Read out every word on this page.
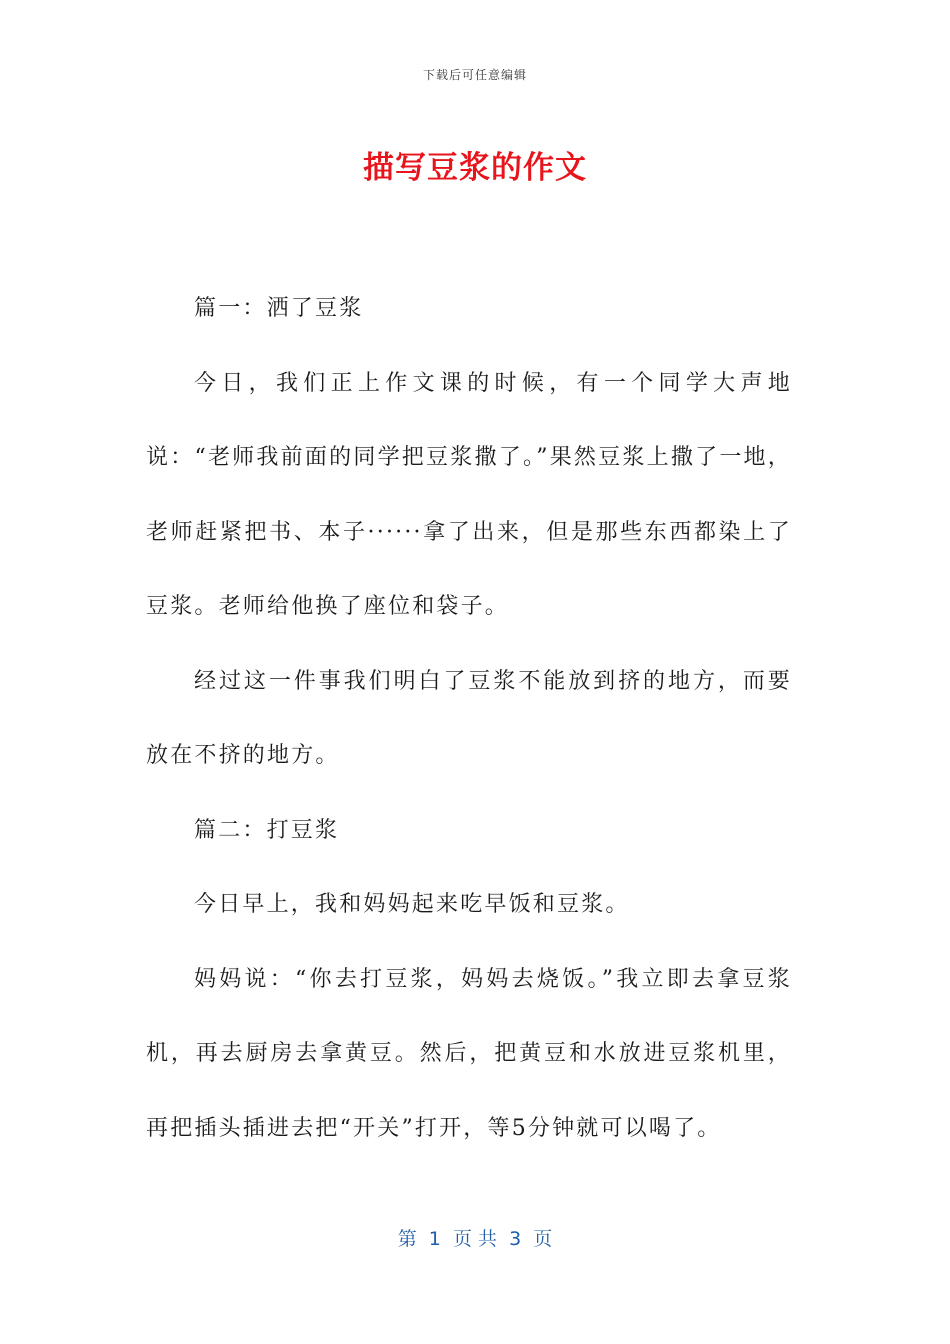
下载后可任意编辑
描写豆浆的作文

篇一：洒了豆浆

今日，我们正上作文课的时候，有一个同学大声地说：“老师我前面的同学把豆浆撒了。”果然豆浆上撒了一地，老师赶紧把书、本子······拿了出来，但是那些东西都染上了豆浆。老师给他换了座位和袋子。

经过这一件事我们明白了豆浆不能放到挤的地方，而要放在不挤的地方。

篇二：打豆浆

今日早上，我和妈妈起来吃早饭和豆浆。

妈妈说：“你去打豆浆，妈妈去烧饭。”我立即去拿豆浆机，再去厨房去拿黄豆。然后，把黄豆和水放进豆浆机里，再把插头插进去把“开关”打开，等5分钟就可以喝了。

第  1  页 共  3  页
